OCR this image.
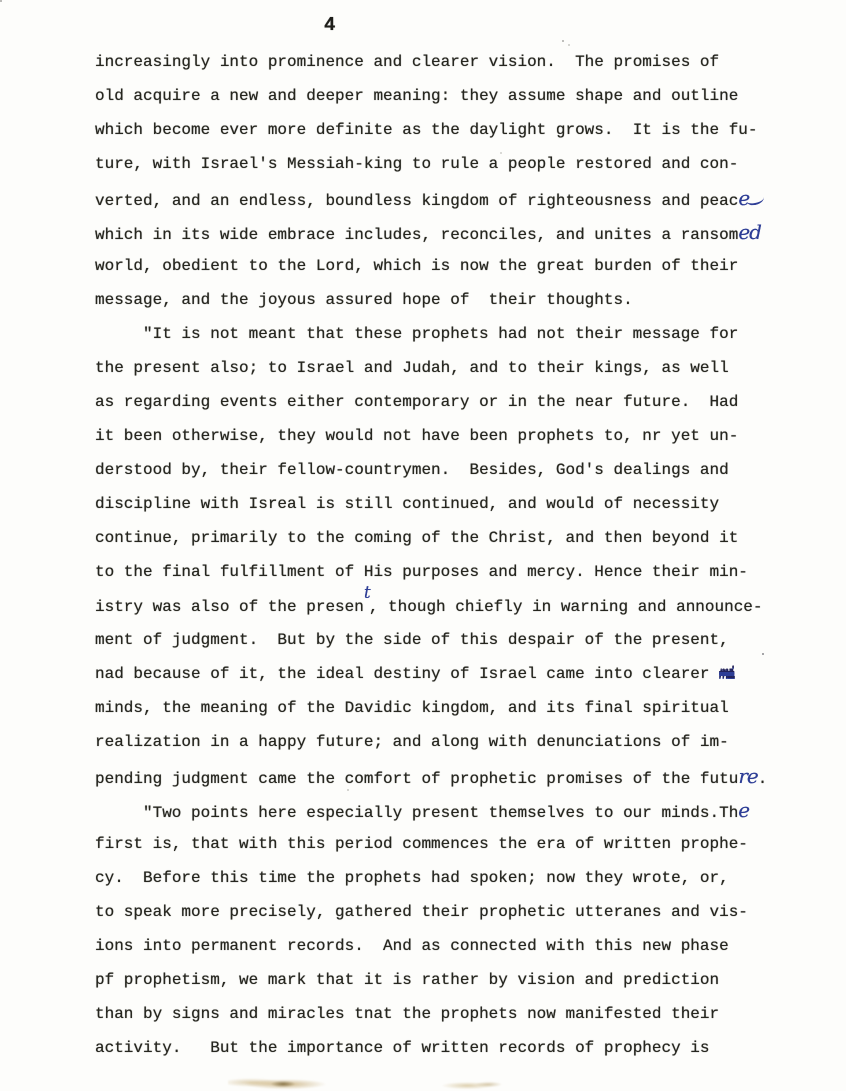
4
increasingly into prominence and clearer vision.  The promises of
old acquire a new and deeper meaning: they assume shape and outline
which become ever more definite as the daylight grows.  It is the fu-
ture, with Israel's Messiah-king to rule a people restored and con-
verted, and an endless, boundless kingdom of righteousness and peace
which in its wide embrace includes, reconciles, and unites a ransomed
world, obedient to the Lord, which is now the great burden of their
message, and the joyous assured hope of  their thoughts.
"It is not meant that these prophets had not their message for
the present also; to Israel and Judah, and to their kings, as well
as regarding events either contemporary or in the near future.  Had
it been otherwise, they would not have been prophets to, nr yet un-
derstood by, their fellow-countrymen.  Besides, God's dealings and
discipline with Isreal is still continued, and would of necessity
continue, primarily to the coming of the Christ, and then beyond it
to the final fulfillment of His purposes and mercy. Hence their min-
istry was also of the present, though chiefly in warning and announce-
ment of judgment.  But by the side of this despair of the present,
nad because of it, the ideal destiny of Israel came into clearer mi
minds, the meaning of the Davidic kingdom, and its final spiritual
realization in a happy future; and along with denunciations of im-
pending judgment came the comfort of prophetic promises of the future.
"Two points here especially present themselves to our minds.The
first is, that with this period commences the era of written prophe-
cy.  Before this time the prophets had spoken; now they wrote, or,
to speak more precisely, gathered their prophetic utteranes and vis-
ions into permanent records.  And as connected with this new phase
pf prophetism, we mark that it is rather by vision and prediction
than by signs and miracles tnat the prophets now manifested their
activity.   But the importance of written records of prophecy is
